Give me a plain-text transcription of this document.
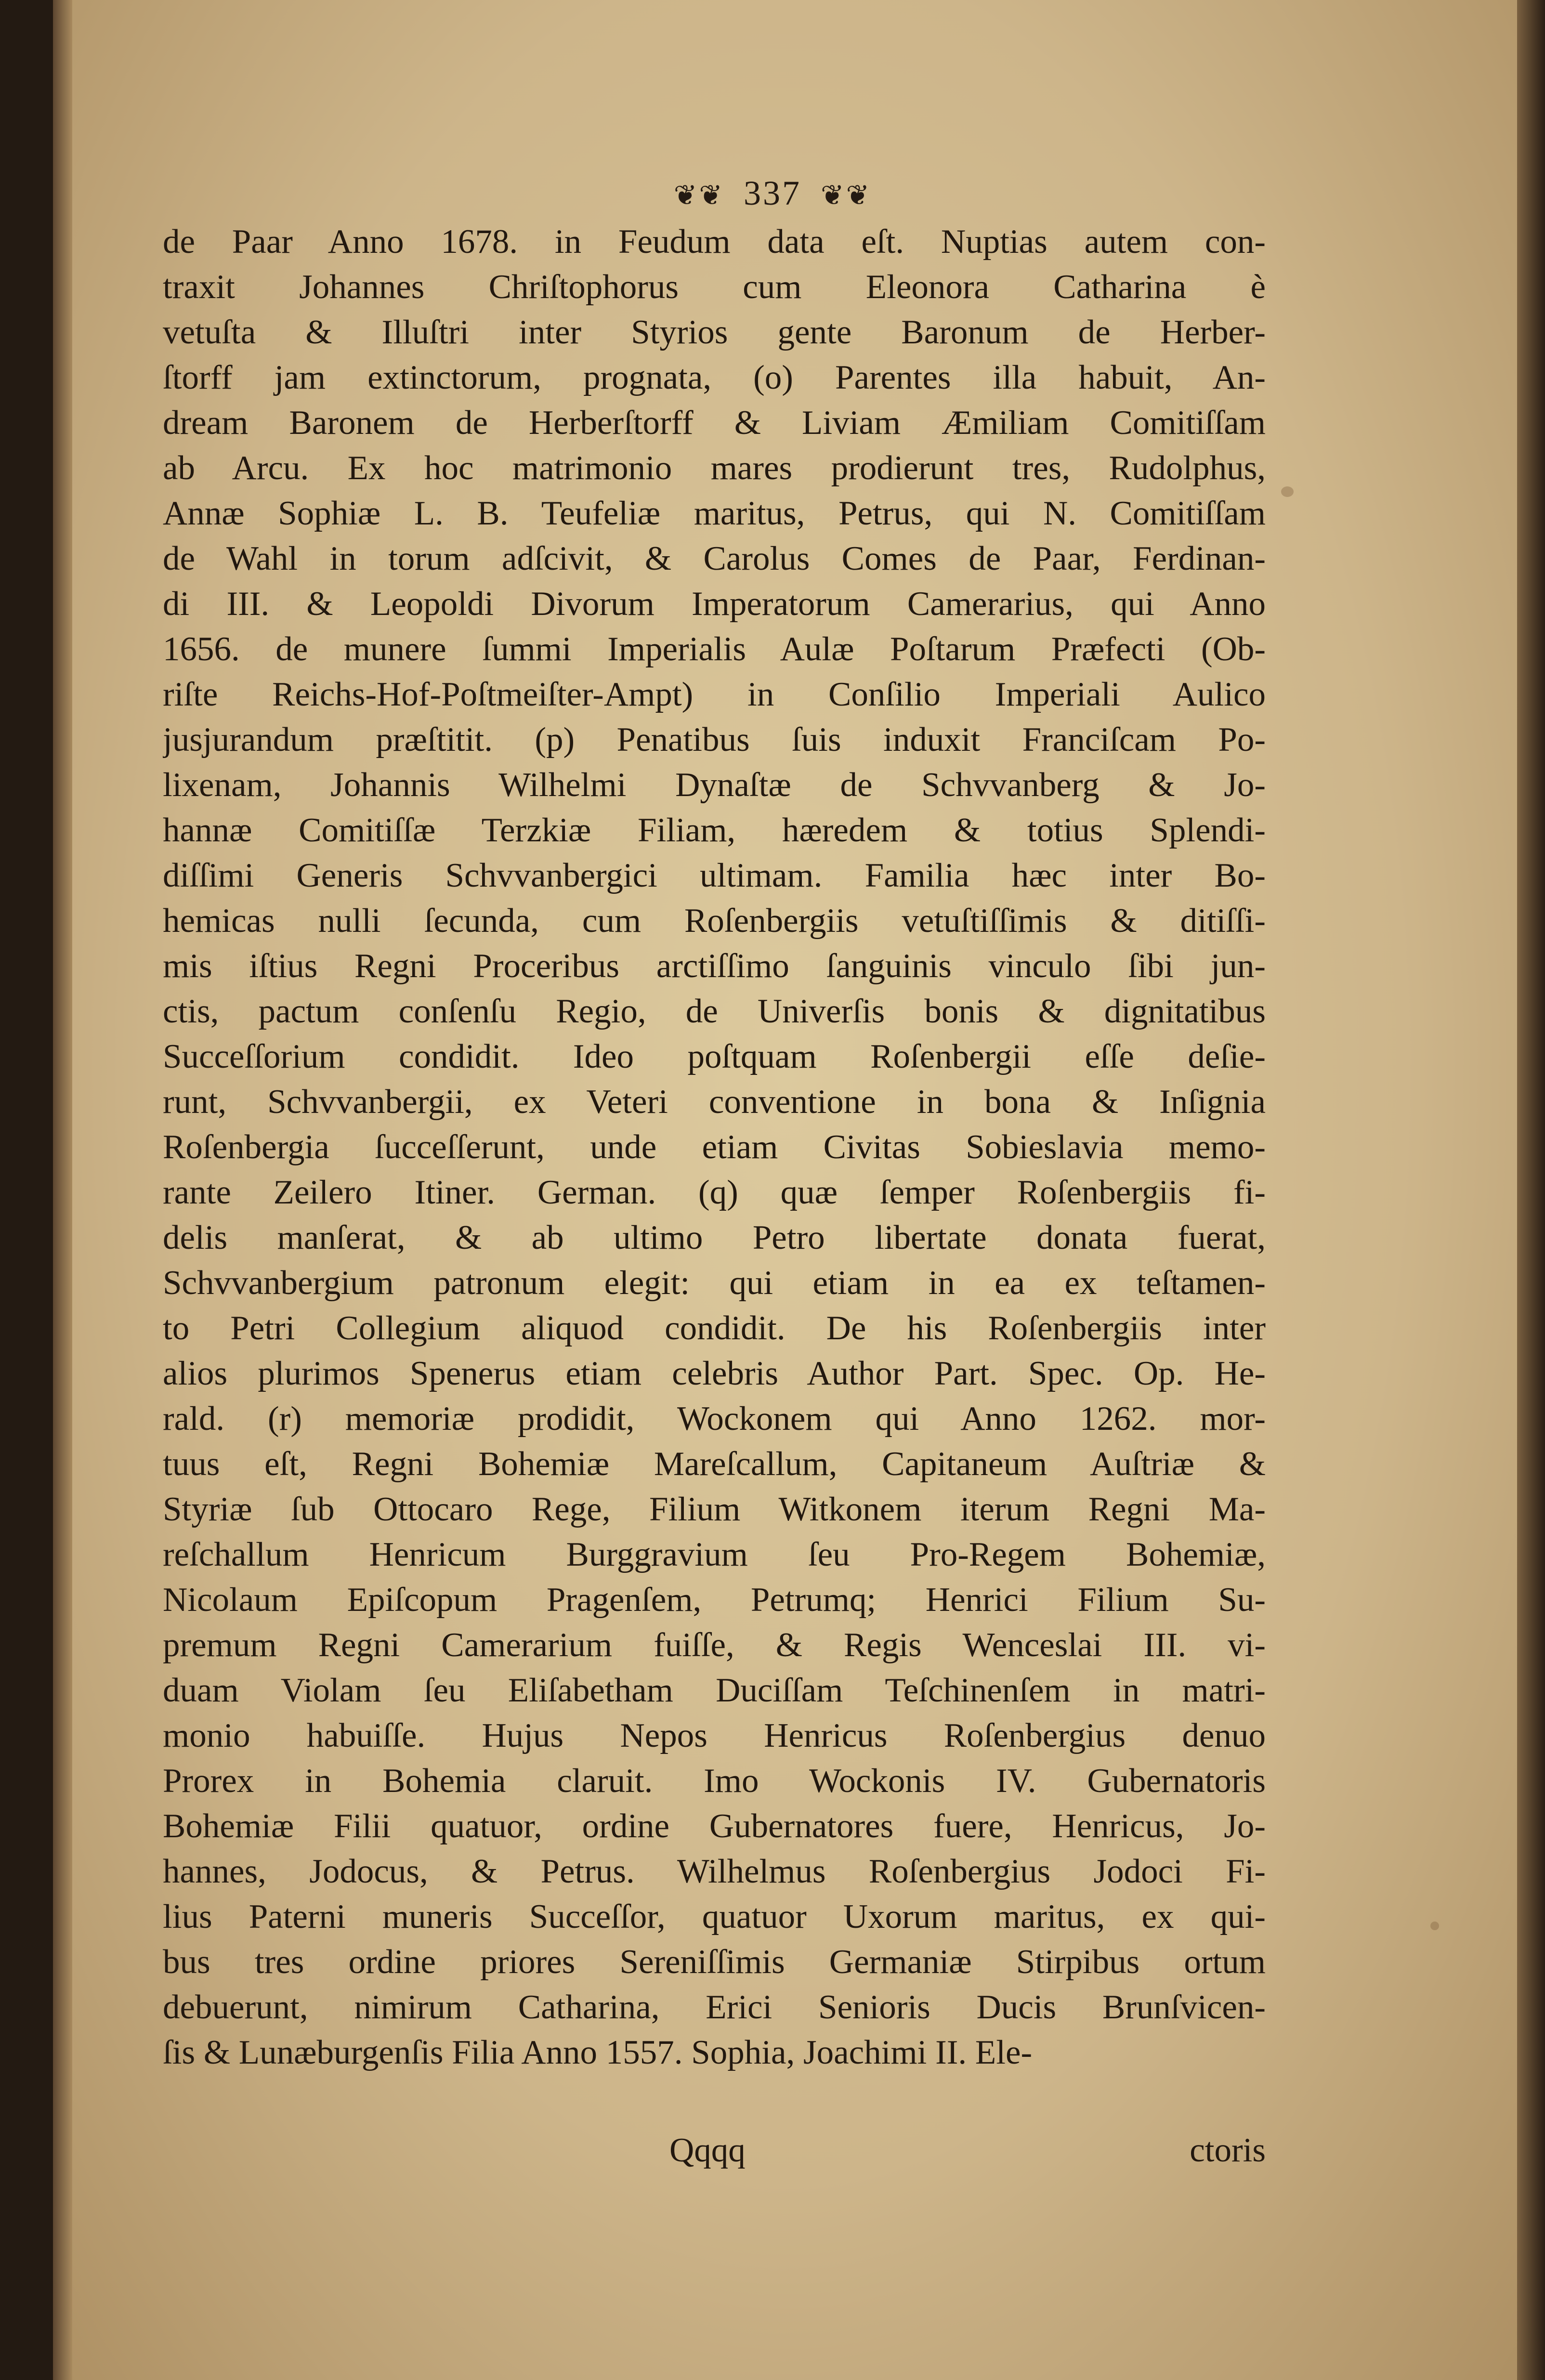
❦❦ 337 ❦❦
de Paar Anno 1678. in Feudum data eſt. Nuptias autem con-
traxit Johannes Chriſtophorus cum Eleonora Catharina è
vetuſta & Illuſtri inter Styrios gente Baronum de Herber-
ſtorff jam extinctorum, prognata, (o) Parentes illa habuit, An-
dream Baronem de Herberſtorff & Liviam Æmiliam Comitiſſam
ab Arcu. Ex hoc matrimonio mares prodierunt tres, Rudolphus,
Annæ Sophiæ L. B. Teufeliæ maritus, Petrus, qui N. Comitiſſam
de Wahl in torum adſcivit, & Carolus Comes de Paar, Ferdinan-
di III. & Leopoldi Divorum Imperatorum Camerarius, qui Anno
1656. de munere ſummi Imperialis Aulæ Poſtarum Præfecti (Ob-
riſte Reichs-Hof-Poſtmeiſter-Ampt) in Conſilio Imperiali Aulico
jusjurandum præſtitit. (p) Penatibus ſuis induxit Franciſcam Po-
lixenam, Johannis Wilhelmi Dynaſtæ de Schvvanberg & Jo-
hannæ Comitiſſæ Terzkiæ Filiam, hæredem & totius Splendi-
diſſimi Generis Schvvanbergici ultimam. Familia hæc inter Bo-
hemicas nulli ſecunda, cum Roſenbergiis vetuſtiſſimis & ditiſſi-
mis iſtius Regni Proceribus arctiſſimo ſanguinis vinculo ſibi jun-
ctis, pactum conſenſu Regio, de Univerſis bonis & dignitatibus
Succeſſorium condidit. Ideo poſtquam Roſenbergii eſſe deſie-
runt, Schvvanbergii, ex Veteri conventione in bona & Inſignia
Roſenbergia ſucceſſerunt, unde etiam Civitas Sobieslavia memo-
rante Zeilero Itiner. German. (q) quæ ſemper Roſenbergiis fi-
delis manſerat, & ab ultimo Petro libertate donata fuerat,
Schvvanbergium patronum elegit: qui etiam in ea ex teſtamen-
to Petri Collegium aliquod condidit. De his Roſenbergiis inter
alios plurimos Spenerus etiam celebris Author Part. Spec. Op. He-
rald. (r) memoriæ prodidit, Wockonem qui Anno 1262. mor-
tuus eſt, Regni Bohemiæ Mareſcallum, Capitaneum Auſtriæ &
Styriæ ſub Ottocaro Rege, Filium Witkonem iterum Regni Ma-
reſchallum Henricum Burggravium ſeu Pro-Regem Bohemiæ,
Nicolaum Epiſcopum Pragenſem, Petrumq; Henrici Filium Su-
premum Regni Camerarium fuiſſe, & Regis Wenceslai III. vi-
duam Violam ſeu Eliſabetham Duciſſam Teſchinenſem in matri-
monio habuiſſe. Hujus Nepos Henricus Roſenbergius denuo
Prorex in Bohemia claruit. Imo Wockonis IV. Gubernatoris
Bohemiæ Filii quatuor, ordine Gubernatores fuere, Henricus, Jo-
hannes, Jodocus, & Petrus. Wilhelmus Roſenbergius Jodoci Fi-
lius Paterni muneris Succeſſor, quatuor Uxorum maritus, ex qui-
bus tres ordine priores Sereniſſimis Germaniæ Stirpibus ortum
debuerunt, nimirum Catharina, Erici Senioris Ducis Brunſvicen-
ſis & Lunæburgenſis Filia Anno 1557. Sophia, Joachimi II. Ele-
Qqqq	ctoris
